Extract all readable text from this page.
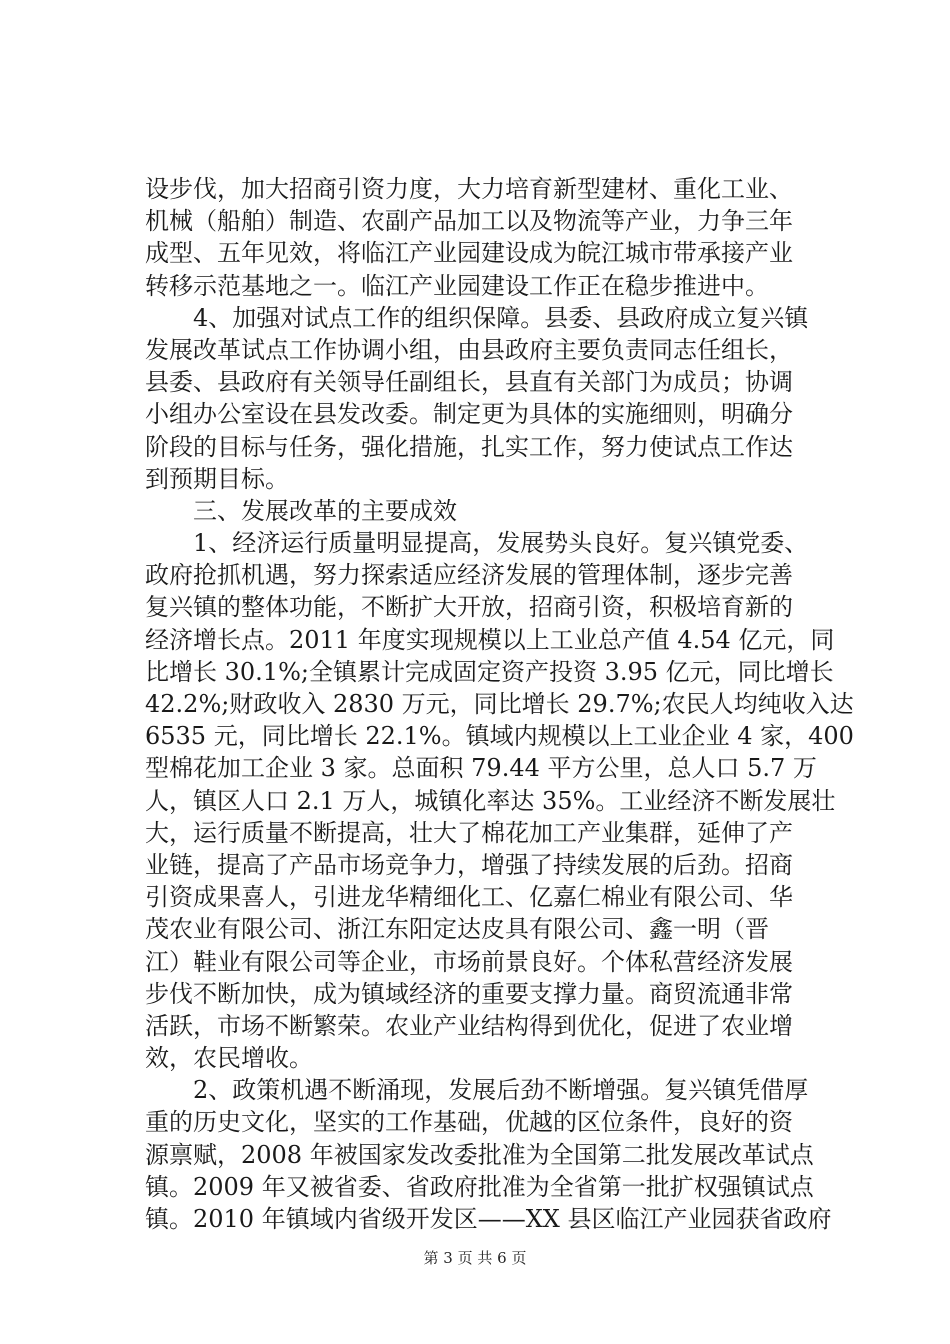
设步伐，加大招商引资力度，大力培育新型建材、重化工业、
机械（船舶）制造、农副产品加工以及物流等产业，力争三年
成型、五年见效，将临江产业园建设成为皖江城市带承接产业
转移示范基地之一。临江产业园建设工作正在稳步推进中。
4、加强对试点工作的组织保障。县委、县政府成立复兴镇
发展改革试点工作协调小组，由县政府主要负责同志任组长，
县委、县政府有关领导任副组长，县直有关部门为成员；协调
小组办公室设在县发改委。制定更为具体的实施细则，明确分
阶段的目标与任务，强化措施，扎实工作，努力使试点工作达
到预期目标。
三、发展改革的主要成效
1、经济运行质量明显提高，发展势头良好。复兴镇党委、
政府抢抓机遇，努力探索适应经济发展的管理体制，逐步完善
复兴镇的整体功能，不断扩大开放，招商引资，积极培育新的
经济增长点。2011 年度实现规模以上工业总产值 4.54 亿元，同
比增长 30.1%;全镇累计完成固定资产投资 3.95 亿元，同比增长
42.2%;财政收入 2830 万元，同比增长 29.7%;农民人均纯收入达
6535 元，同比增长 22.1%。镇域内规模以上工业企业 4 家，400
型棉花加工企业 3 家。总面积 79.44 平方公里，总人口 5.7 万
人，镇区人口 2.1 万人，城镇化率达 35%。工业经济不断发展壮
大，运行质量不断提高，壮大了棉花加工产业集群，延伸了产
业链，提高了产品市场竞争力，增强了持续发展的后劲。招商
引资成果喜人，引进龙华精细化工、亿嘉仁棉业有限公司、华
茂农业有限公司、浙江东阳定达皮具有限公司、鑫一明（晋
江）鞋业有限公司等企业，市场前景良好。个体私营经济发展
步伐不断加快，成为镇域经济的重要支撑力量。商贸流通非常
活跃，市场不断繁荣。农业产业结构得到优化，促进了农业增
效，农民增收。
2、政策机遇不断涌现，发展后劲不断增强。复兴镇凭借厚
重的历史文化，坚实的工作基础，优越的区位条件，良好的资
源禀赋，2008 年被国家发改委批准为全国第二批发展改革试点
镇。2009 年又被省委、省政府批准为全省第一批扩权强镇试点
镇。2010 年镇域内省级开发区——XX 县区临江产业园获省政府
第 3 页 共 6 页
